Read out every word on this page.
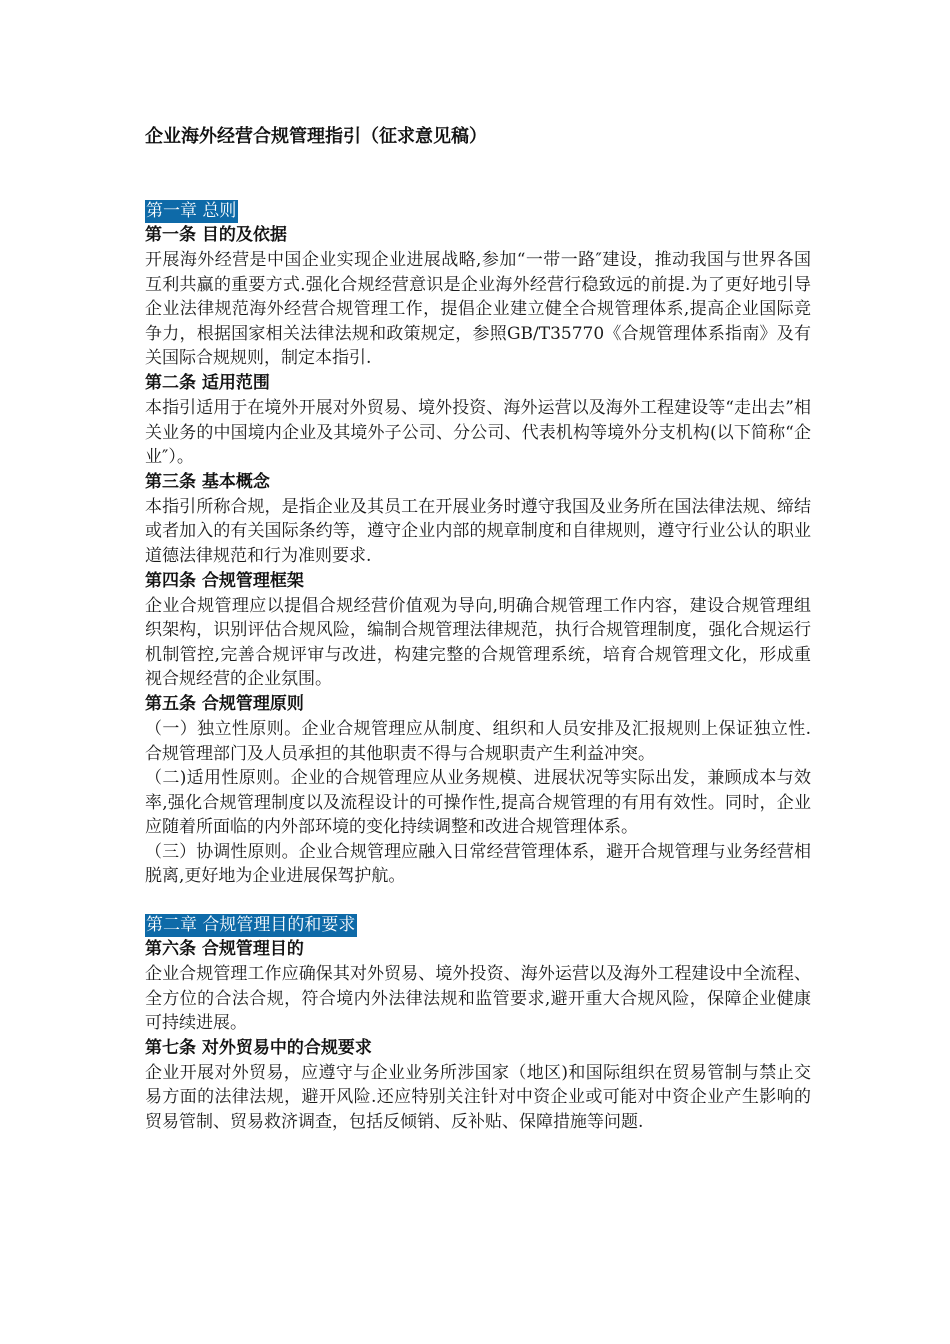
企业海外经营合规管理指引（征求意见稿）
第一章 总则
第一条 目的及依据

开展海外经营是中国企业实现企业进展战略,参加“一带一路″建设，推动我国与世界各国互利共赢的重要方式.强化合规经营意识是企业海外经营行稳致远的前提.为了更好地引导企业法律规范海外经营合规管理工作，提倡企业建立健全合规管理体系,提高企业国际竞争力，根据国家相关法律法规和政策规定，参照GB/T35770《合规管理体系指南》及有关国际合规规则，制定本指引.

第二条 适用范围

本指引适用于在境外开展对外贸易、境外投资、海外运营以及海外工程建设等“走出去”相关业务的中国境内企业及其境外子公司、分公司、代表机构等境外分支机构(以下简称“企业″）。

第三条 基本概念

本指引所称合规，是指企业及其员工在开展业务时遵守我国及业务所在国法律法规、缔结或者加入的有关国际条约等，遵守企业内部的规章制度和自律规则，遵守行业公认的职业道德法律规范和行为准则要求.

第四条 合规管理框架

企业合规管理应以提倡合规经营价值观为导向,明确合规管理工作内容，建设合规管理组织架构，识别评估合规风险，编制合规管理法律规范，执行合规管理制度，强化合规运行机制管控,完善合规评审与改进，构建完整的合规管理系统，培育合规管理文化，形成重视合规经营的企业氛围。

第五条 合规管理原则

（一）独立性原则。企业合规管理应从制度、组织和人员安排及汇报规则上保证独立性.合规管理部门及人员承担的其他职责不得与合规职责产生利益冲突。

（二)适用性原则。企业的合规管理应从业务规模、进展状况等实际出发，兼顾成本与效率,强化合规管理制度以及流程设计的可操作性,提高合规管理的有用有效性。同时，企业应随着所面临的内外部环境的变化持续调整和改进合规管理体系。

（三）协调性原则。企业合规管理应融入日常经营管理体系，避开合规管理与业务经营相脱离,更好地为企业进展保驾护航。

第二章 合规管理目的和要求
第六条 合规管理目的

企业合规管理工作应确保其对外贸易、境外投资、海外运营以及海外工程建设中全流程、全方位的合法合规，符合境内外法律法规和监管要求,避开重大合规风险，保障企业健康可持续进展。

第七条 对外贸易中的合规要求

企业开展对外贸易，应遵守与企业业务所涉国家（地区)和国际组织在贸易管制与禁止交易方面的法律法规，避开风险.还应特别关注针对中资企业或可能对中资企业产生影响的贸易管制、贸易救济调查，包括反倾销、反补贴、保障措施等问题.
